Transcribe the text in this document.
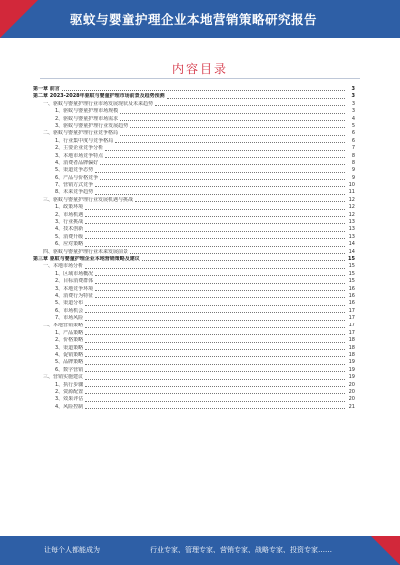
驱蚊与婴童护理企业本地营销策略研究报告
内容目录
第一章 前言	3
第二章 2023-2028年驱蚊与婴童护理市场前景及趋势预测	3
一、驱蚊与婴童护理行业市场发展现状及未来趋势	3
1、驱蚊与婴童护理市场规模	3
2、驱蚊与婴童护理市场需求	4
3、驱蚊与婴童护理行业发展趋势	5
二、驱蚊与婴童护理行业竞争格局	6
1、行业集中度与竞争格局	6
2、主要企业竞争分析	7
3、本地市场竞争特点	8
4、消费者品牌偏好	8
5、渠道竞争态势	9
6、产品与价格竞争	9
7、营销方式竞争	10
8、未来竞争趋势	11
三、驱蚊与婴童护理行业发展机遇与挑战	12
1、政策环境	12
2、市场机遇	12
3、行业挑战	13
4、技术创新	13
5、消费升级	13
6、应对策略	14
四、驱蚊与婴童护理行业未来发展前景	14
第三章 驱蚊与婴童护理企业本地营销策略及建议	15
一、本地市场分析	15
1、区域市场概况	15
2、目标消费群体	15
3、本地竞争环境	16
4、消费行为特征	16
5、渠道分布	16
6、市场机会	17
7、市场风险	17
二、本地营销策略	17
1、产品策略	17
2、价格策略	18
3、渠道策略	18
4、促销策略	18
5、品牌策略	19
6、数字营销	19
三、营销实施建议	19
1、执行步骤	20
2、资源配置	20
3、效果评估	20
4、风险控制	21
让每个人都能成为	行业专家、管理专家、营销专家、战略专家、投资专家……
